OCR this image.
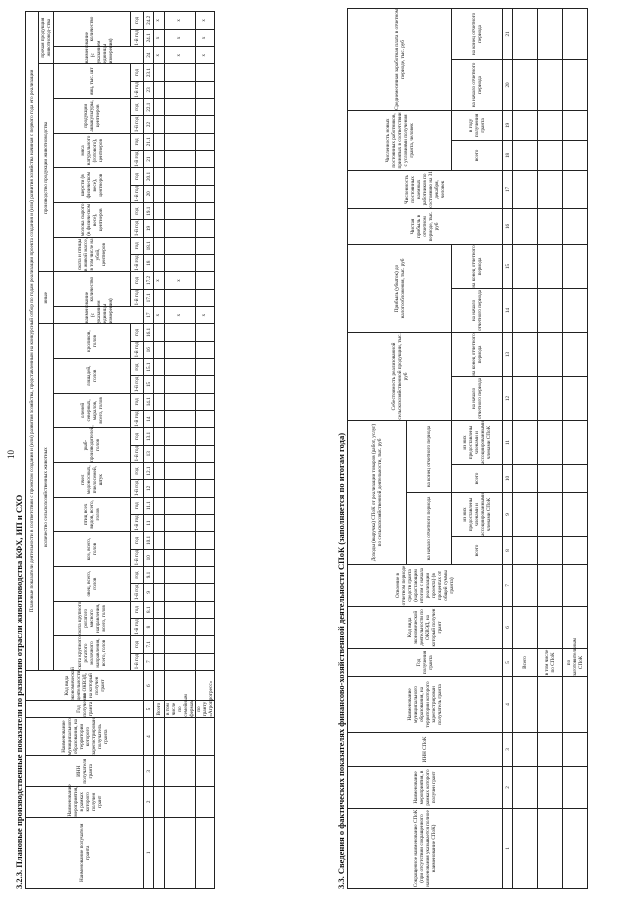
10
3.2.3. Плановые производственные показатели по развитию отрасли животноводства КФХ, ИП и СХО	Наименование получателя гранта	Наименование мероприятия, в рамках которого получен грант	ИНН получателя гранта	Наименование муниципального образования, на территории которого зарегистрирован получатель гранта	Год получения гранта	Код вида экономической деятельности по ОКВЭД, на который получен грант	Плановые показатели деятельности в соответствии с проектом создания и (или) развития хозяйства, представленным на конкурсный отбор по годам реализации проекта создания и (или) развития хозяйства начиная с первого года его реализации																																					
						количество сельскохозяйственных животных																				иные			производство продукции животноводства												прочая продукция животновод-ства		
						скота крупного рогатого молочного направления, всего, голов		скота крупного рогатого мясного направления, всего, голов		овец, всего, голов		коз, всего, голов		птиц всех видов, всего, голов		пчел медоносных, пчелосемей, штук		рыб-производителей, голов		оленей северных, маралов, всего, голов		лошадей, голов		кроликов, голов		наименование (с указанием единицы измерения)	количество		скота и птицы в живой массе, в том числе на убой, центнеров		молока сырого (в физическом весе), центнеров		шерсти (в физическом весе), центнеров		мяса натурального (готового), центнеров		продукции аквакультуры, центнеров		яиц, тыс. шт		наименование (с указанием единицы измерения)	количество	
						1-й год	год	1-й год	год	1-й год	год	1-й год	год	1-й год	год	1-й год	год	1-й год	год	1-й год	год	1-й год	год	1-й год	год		1-й год	год	1-й год	год	1-й год	год	1-й год	год	1-й год	год	1-й год	год	1-й год	год		1-й год	год
1	2	3	4	5	6	7	7.1	8	8.1	9	9.1	10	10.1	11	11.1	12	12.1	13	13.1	14	14.1	15	15.1	16	16.1	17	17.1	17.2	18	18.1	19	19.1	20	20.1	21	21.1	22	22.1	23	23.1	24	24.1	24.2
				Всего																						x		x													x	x	x
				в том числе по семейным фермам																						x		x													x	x	x
				по гранту «Агропрогресс»																						x															x	x	x
3.3. Сведения о фактических показателях финансово-хозяйственной деятельности СПоК (заполняется по итогам года)	Сокращенное наименование СПоК (при отсутствии сокращенного наименования указывается полное наименование СПоК)	Наименование мероприятия, в рамках которого получен грант	ИНН СПоК	Наименование муниципального образования, на территории которого зарегистрирован получатель гранта	Год получения гранта	Код вида экономической деятельности по ОКВЭД, на который получен грант	Освоение в отчетном периоде средств гранта (нарастающим итогом с начала реализации проекта) (в процентах от общей суммы гранта)	Доходы (выручка) СПоК от реализации товаров (работ, услуг) по сельскохозяйственной деятельности, тыс. руб				Себестоимость реализованной сельскохозяйственной продукции, тыс. руб		Прибыль (убыток) до налогообложения, тыс. руб		Чистая прибыль в отчетном периоде, тыс. руб	Численность постоянных наемных работников по состоянию на 31 декабря, человек	Численность новых постоянных работников, принятых в соответствии с условиями получения гранта, человек		Среднемесячная заработная плата в отчетном периоде, тыс. руб	
							на начало отчетного периода		на конец отчетного периода											
							всего	из них предоставлены членами и ассоциированными членами СПоК	всего	из них предоставлены членами и ассоциированными членами СПоК	на начало отчетного периода	на конец отчетного периода	на начало отчетного периода	на конец отчетного периода			всего	в году получения гранта	на начало отчетного периода	на конец отчетного периода
1	2	3	4	5	6	7	8	9	10	11	12	13	14	15	16	17	18	19	20	21
				Всего																
				в том числе по СПоК																
				по заготовительным СПоК																
